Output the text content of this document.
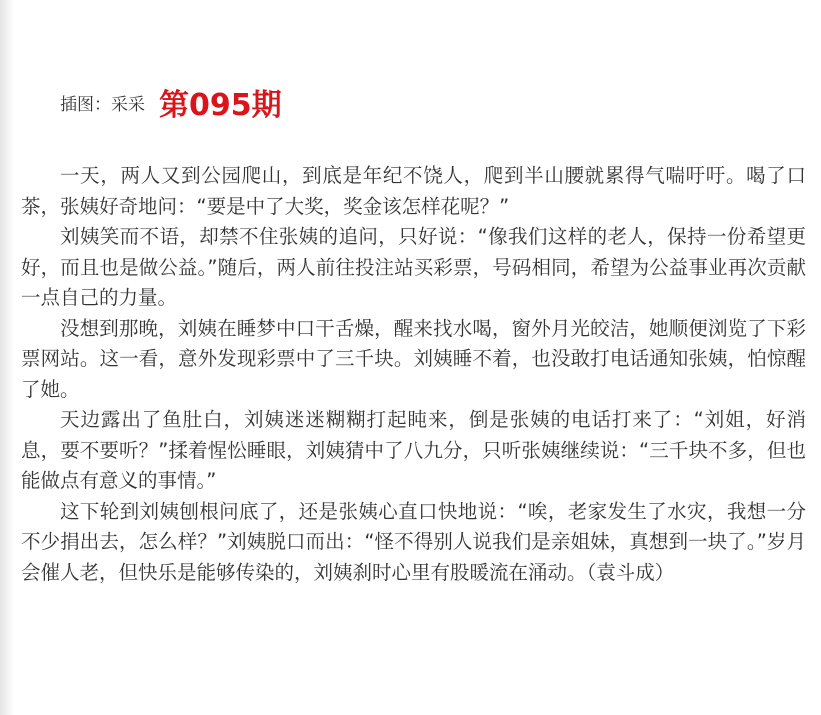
插图：采采 第095期

一天，两人又到公园爬山，到底是年纪不饶人，爬到半山腰就累得气喘吁吁。喝了口茶，张姨好奇地问：“要是中了大奖，奖金该怎样花呢？”

刘姨笑而不语，却禁不住张姨的追问，只好说：“像我们这样的老人，保持一份希望更好，而且也是做公益。”随后，两人前往投注站买彩票，号码相同，希望为公益事业再次贡献一点自己的力量。

没想到那晚，刘姨在睡梦中口干舌燥，醒来找水喝，窗外月光皎洁，她顺便浏览了下彩票网站。这一看，意外发现彩票中了三千块。刘姨睡不着，也没敢打电话通知张姨，怕惊醒了她。

天边露出了鱼肚白，刘姨迷迷糊糊打起盹来，倒是张姨的电话打来了：“刘姐，好消息，要不要听？”揉着惺忪睡眼，刘姨猜中了八九分，只听张姨继续说：“三千块不多，但也能做点有意义的事情。”

这下轮到刘姨刨根问底了，还是张姨心直口快地说：“唉，老家发生了水灾，我想一分不少捐出去，怎么样？”刘姨脱口而出：“怪不得别人说我们是亲姐妹，真想到一块了。”岁月会催人老，但快乐是能够传染的，刘姨刹时心里有股暖流在涌动。（袁斗成）
